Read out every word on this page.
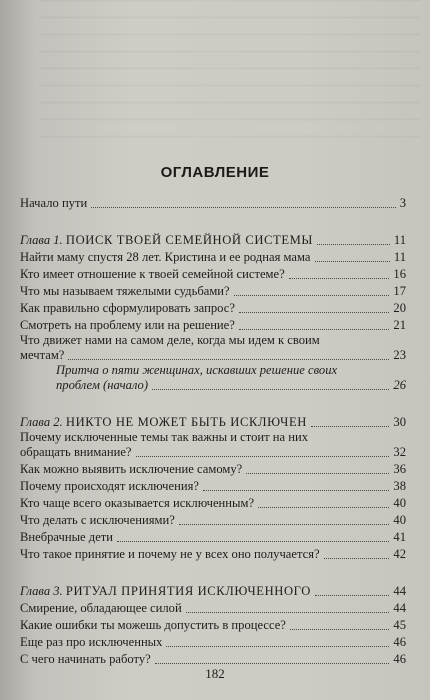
ОГЛАВЛЕНИЕ
Начало пути	3
Глава 1. ПОИСК ТВОЕЙ СЕМЕЙНОЙ СИСТЕМЫ	11
Найти маму спустя 28 лет. Кристина и ее родная мама	11
Кто имеет отношение к твоей семейной системе?	16
Что мы называем тяжелыми судьбами?	17
Как правильно сформулировать запрос?	20
Смотреть на проблему или на решение?	21
Что движет нами на самом деле, когда мы идем к своим
мечтам?	23
Притча о пяти женщинах, искавших решение своих
проблем (начало)	26
Глава 2. НИКТО НЕ МОЖЕТ БЫТЬ ИСКЛЮЧЕН	30
Почему исключенные темы так важны и стоит на них
обращать внимание?	32
Как можно выявить исключение самому?	36
Почему происходят исключения?	38
Кто чаще всего оказывается исключенным?	40
Что делать с исключениями?	40
Внебрачные дети	41
Что такое принятие и почему не у всех оно получается?	42
Глава 3. РИТУАЛ ПРИНЯТИЯ ИСКЛЮЧЕННОГО	44
Смирение, обладающее силой	44
Какие ошибки ты можешь допустить в процессе?	45
Еще раз про исключенных	46
С чего начинать работу?	46
182
